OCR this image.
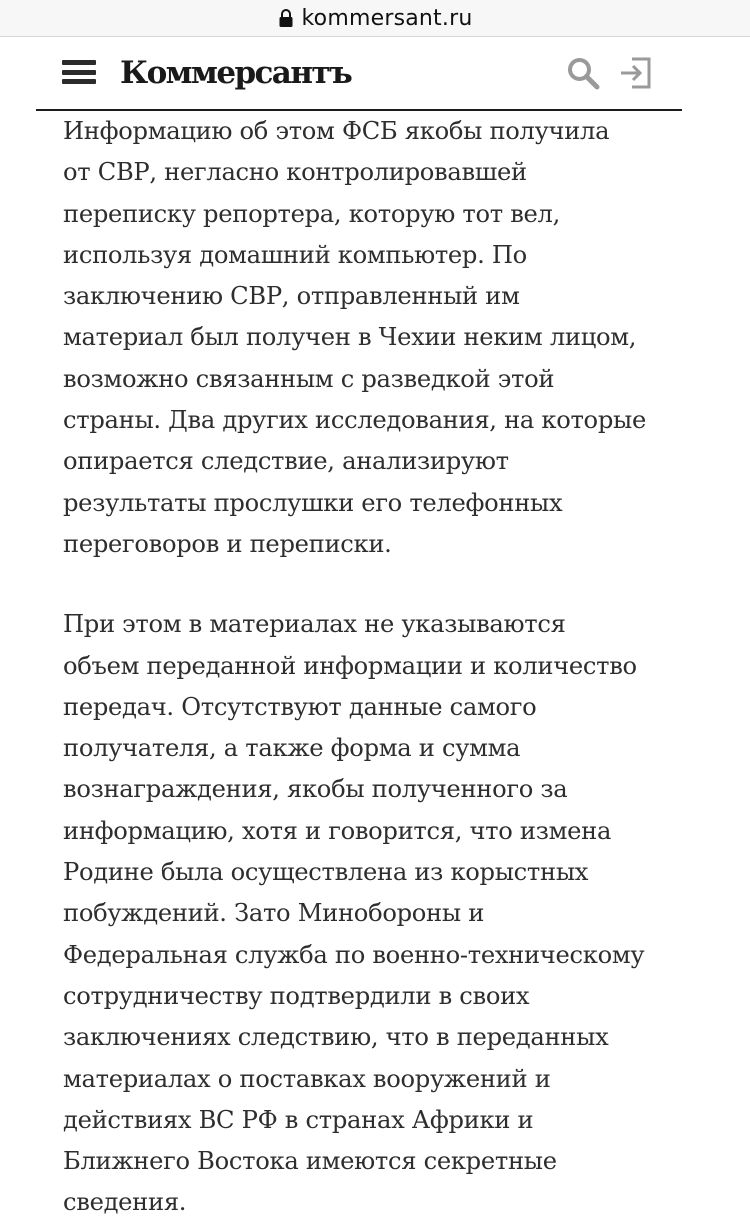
kommersant.ru
Коммерсантъ

Информацию об этом ФСБ якобы получила
от СВР, негласно контролировавшей
переписку репортера, которую тот вел,
используя домашний компьютер. По
заключению СВР, отправленный им
материал был получен в Чехии неким лицом,
возможно связанным с разведкой этой
страны. Два других исследования, на которые
опирается следствие, анализируют
результаты прослушки его телефонных
переговоров и переписки.

При этом в материалах не указываются
объем переданной информации и количество
передач. Отсутствуют данные самого
получателя, а также форма и сумма
вознаграждения, якобы полученного за
информацию, хотя и говорится, что измена
Родине была осуществлена из корыстных
побуждений. Зато Минобороны и
Федеральная служба по военно-техническому
сотрудничеству подтвердили в своих
заключениях следствию, что в переданных
материалах о поставках вооружений и
действиях ВС РФ в странах Африки и
Ближнего Востока имеются секретные
сведения.
